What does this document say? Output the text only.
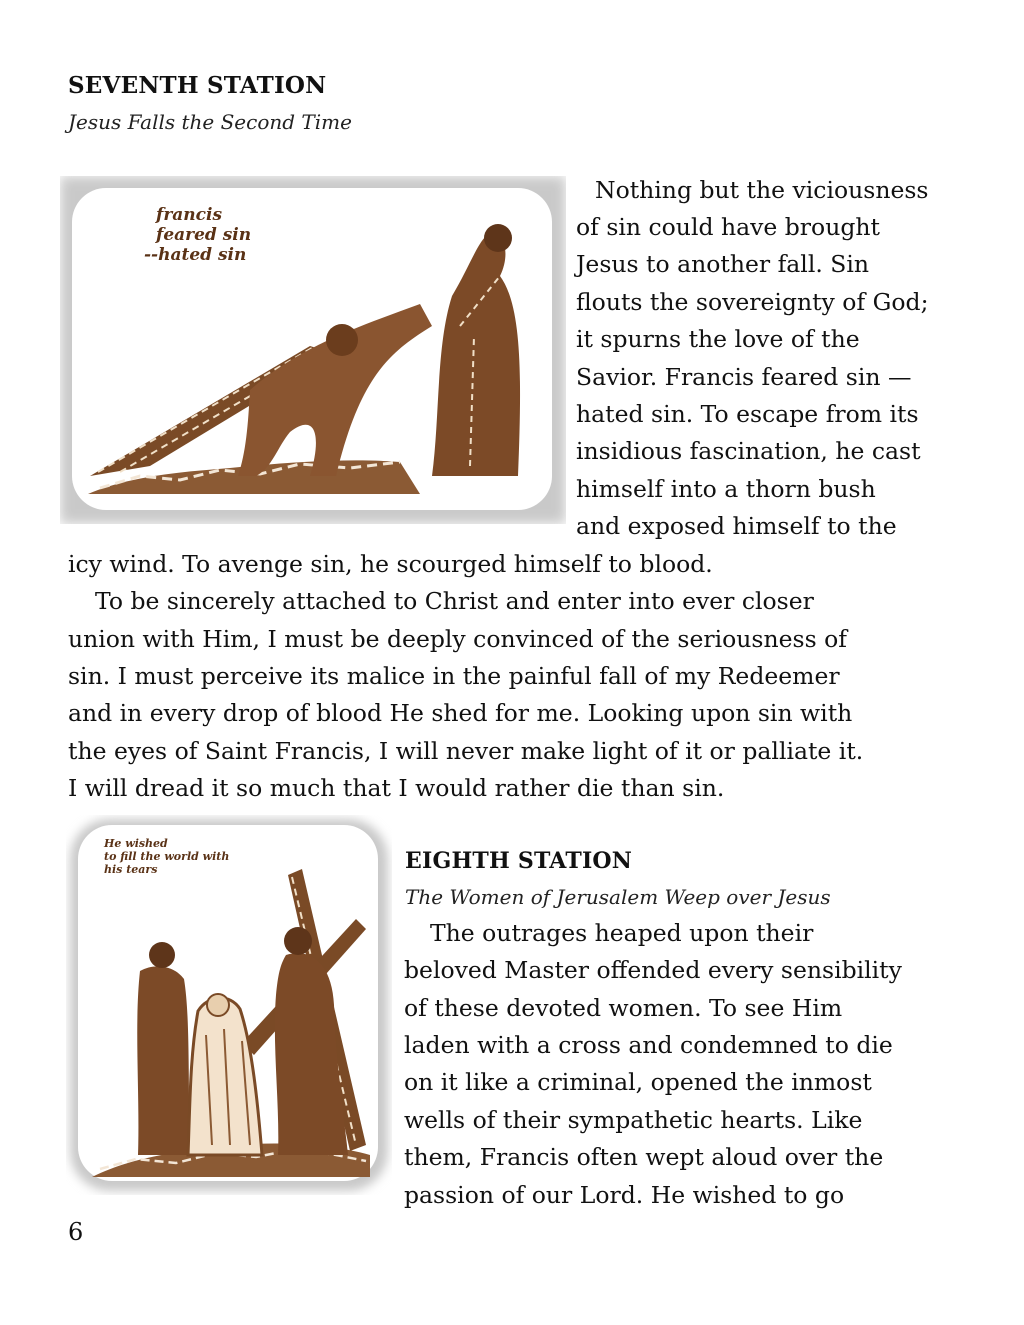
SEVENTH STATION
Jesus Falls the Second Time
francis
feared sin
--hated sin
Nothing but the viciousness
of sin could have brought
Jesus to another fall. Sin
flouts the sovereignty of God;
it spurns the love of the
Savior. Francis feared sin —
hated sin. To escape from its
insidious fascination, he cast
himself into a thorn bush
and exposed himself to the
icy wind. To avenge sin, he scourged himself to blood.
To be sincerely attached to Christ and enter into ever closer
union with Him, I must be deeply convinced of the seriousness of
sin. I must perceive its malice in the painful fall of my Redeemer
and in every drop of blood He shed for me. Looking upon sin with
the eyes of Saint Francis, I will never make light of it or palliate it.
I will dread it so much that I would rather die than sin.
He wished
to fill the world with
his tears	EIGHTH STATION
The Women of Jerusalem Weep over Jesus
The outrages heaped upon their
beloved Master offended every sensibility
of these devoted women. To see Him
laden with a cross and condemned to die
on it like a criminal, opened the inmost
wells of their sympathetic hearts. Like
them, Francis often wept aloud over the
passion of our Lord. He wished to go
6
